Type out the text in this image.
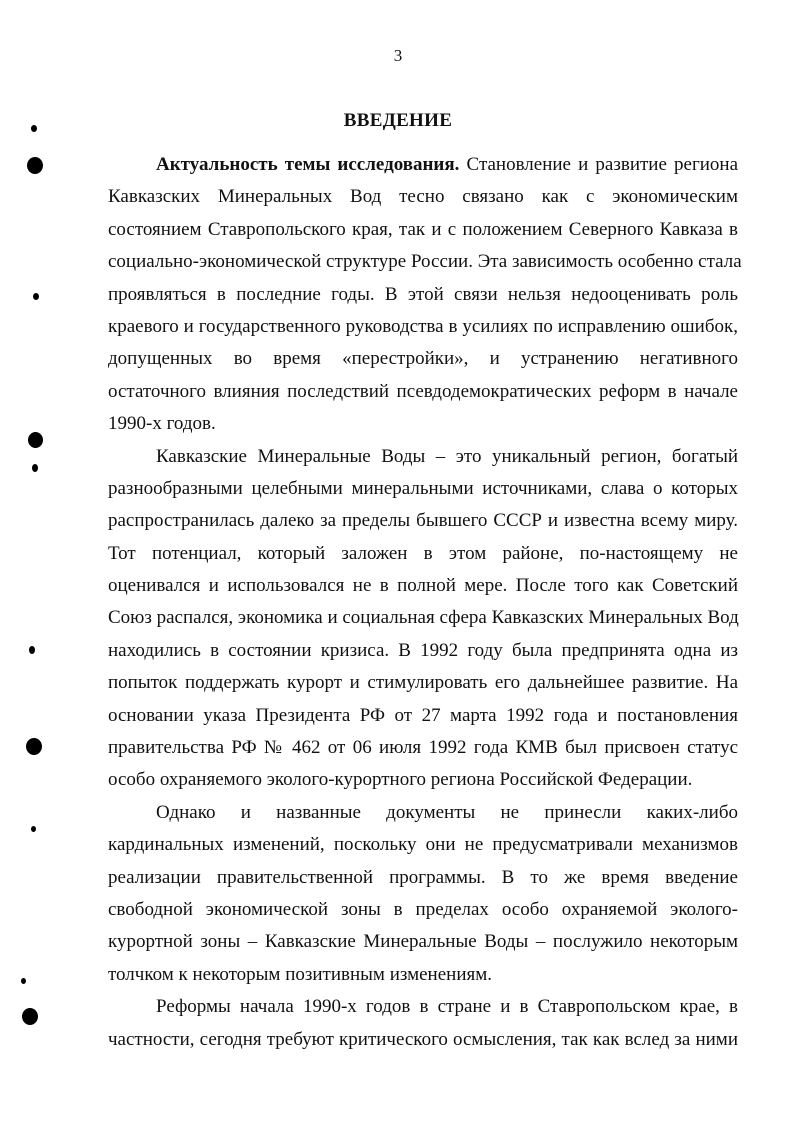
3
ВВЕДЕНИЕ
Актуальность темы исследования. Становление и развитие региона
Кавказских Минеральных Вод тесно связано как с экономическим
состоянием Ставропольского края, так и с положением Северного Кавказа в
социально-экономической структуре России. Эта зависимость особенно стала
проявляться в последние годы. В этой связи нельзя недооценивать роль
краевого и государственного руководства в усилиях по исправлению ошибок,
допущенных во время «перестройки», и устранению негативного
остаточного влияния последствий псевдодемократических реформ в начале
1990-х годов.
Кавказские Минеральные Воды – это уникальный регион, богатый
разнообразными целебными минеральными источниками, слава о которых
распространилась далеко за пределы бывшего СССР и известна всему миру.
Тот потенциал, который заложен в этом районе, по-настоящему не
оценивался и использовался не в полной мере. После того как Советский
Союз распался, экономика и социальная сфера Кавказских Минеральных Вод
находились в состоянии кризиса. В 1992 году была предпринята одна из
попыток поддержать курорт и стимулировать его дальнейшее развитие. На
основании указа Президента РФ от 27 марта 1992 года и постановления
правительства РФ № 462 от 06 июля 1992 года КМВ был присвоен статус
особо охраняемого эколого-курортного региона Российской Федерации.
Однако и названные документы не принесли каких-либо
кардинальных изменений, поскольку они не предусматривали механизмов
реализации правительственной программы. В то же время введение
свободной экономической зоны в пределах особо охраняемой эколого-
курортной зоны – Кавказские Минеральные Воды – послужило некоторым
толчком к некоторым позитивным изменениям.
Реформы начала 1990-х годов в стране и в Ставропольском крае, в
частности, сегодня требуют критического осмысления, так как вслед за ними
